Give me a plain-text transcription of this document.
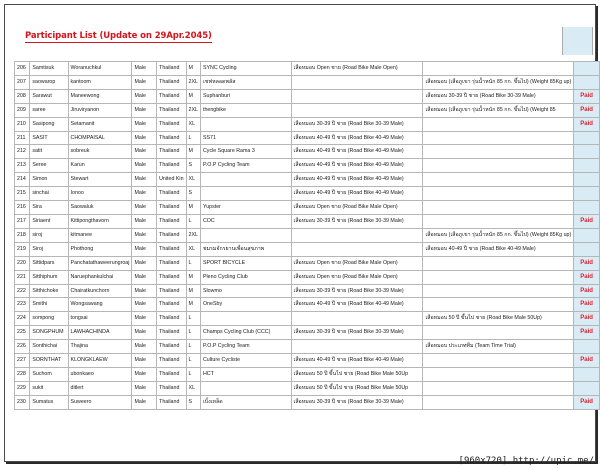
Participant List (Update on 29Apr.2045)
206	Samtisuk	Woranuchkul	Male	Thailand	M	SYNC Cycling	เสือหมอบ Open ชาย (Road Bike Male Open)		
207	saowarop	kantoom	Male	Thailand	2XL	เชฟหลอดพลัส		เสือหมอบ (เสือภูเขา รุ่นน้ำหนัก 85 กก. ขึ้นไป) (Weight 85Kg up)	
208	Sarawut	Maneewong	Male	Thailand	M	Suphanburi		เสือหมอบ 30-39 ปี ชาย (Road Bike 30-39 Male)	Paid
209	saree	Jiruviryanon	Male	Thailand	2XL	thengbike		เสือหมอบ (เสือภูเขา รุ่นน้ำหนัก 85 กก. ขึ้นไป) (Weight 85	Paid
210	Sasipong	Setamanit	Male	Thailand	XL		เสือหมอบ 30-39 ปี ชาย (Road Bike 30-39 Male)		Paid
211	SASIT	CHOMPAISAL	Male	Thailand	L	SS71	เสือหมอบ 40-49 ปี ชาย (Road Bike 40-49 Male)		
212	satit	sobreuk	Male	Thailand	M	Cycle Square Rama 3	เสือหมอบ 40-49 ปี ชาย (Road Bike 40-49 Male)		
213	Seree	Karun	Male	Thailand	S	P.O.P Cycling Team	เสือหมอบ 40-49 ปี ชาย (Road Bike 40-49 Male)		
214	Simon	Stewart	Male	United Kin	XL		เสือหมอบ 40-49 ปี ชาย (Road Bike 40-49 Male)		
215	sinchai	Ionoo	Male	Thailand	S		เสือหมอบ 40-49 ปี ชาย (Road Bike 40-49 Male)		
216	Sira	Saowaluk	Male	Thailand	M	Yupster	เสือหมอบ Open ชาย (Road Bike Male Open)		
217	Siriaent	Kittipongthavorn	Male	Thailand	L	COC	เสือหมอบ 30-39 ปี ชาย (Road Bike 30-39 Male)		Paid
218	siroj	kitmanee	Male	Thailand	2XL			เสือหมอบ (เสือภูเขา รุ่นน้ำหนัก 85 กก. ขึ้นไป) (Weight 85Kg up)	
219	Siroj	Phothong	Male	Thailand	XL	ชมรมจักรยานเพื่อนสุขภาพ		เสือหมอบ 40-49 ปี ชาย (Road Bike 40-49 Male)	
220	Sittidpars	Panchatathaweerungroaj	Male	Thailand	L	SPORT BICYCLE	เสือหมอบ Open ชาย (Road Bike Male Open)		Paid
221	Sitthiphum	Naruephankulchai	Male	Thailand	M	Pleno Cycling Club	เสือหมอบ Open ชาย (Road Bike Male Open)		Paid
222	Sitthichoke	Chairatkunchorn	Male	Thailand	M	Slowmo	เสือหมอบ 30-39 ปี ชาย (Road Bike 30-39 Male)		Paid
223	Smithi	Wongsawang	Male	Thailand	M	OneSby	เสือหมอบ 40-49 ปี ชาย (Road Bike 40-49 Male)		Paid
224	sompong	tongsai	Male	Thailand	L			เสือหมอบ 50 ปี ขึ้นไป ชาย (Road Bike Male 50Up)	Paid
225	SONGPHUM	LAWHACHINDA	Male	Thailand	L	Champs Cycling Club (CCC)	เสือหมอบ 30-39 ปี ชาย (Road Bike 30-39 Male)		Paid
226	Sonthichai	Thajina	Male	Thailand	L	P.O.P Cycling Team		เสือหมอบ ประเภททีม (Team Time Trial)	
227	SORNTHAT	KLONGKLAEW	Male	Thailand	L	Culture Cycliste	เสือหมอบ 40-49 ปี ชาย (Road Bike 40-49 Male)		Paid
228	Suchom	ubonkaeo	Male	Thailand	L	HCT	เสือหมอบ 50 ปี ขึ้นไป ชาย (Road Bike Male 50Up		
229	sukit	ditlert	Male	Thailand	XL		เสือหมอบ 50 ปี ขึ้นไป ชาย (Road Bike Male 50Up		
230	Sumatus	Suweero	Male	Thailand	S	เบิ้งเหล็ด	เสือหมอบ 30-39 ปี ชาย (Road Bike 30-39 Male)		Paid
[960x720] http://upic.me/
